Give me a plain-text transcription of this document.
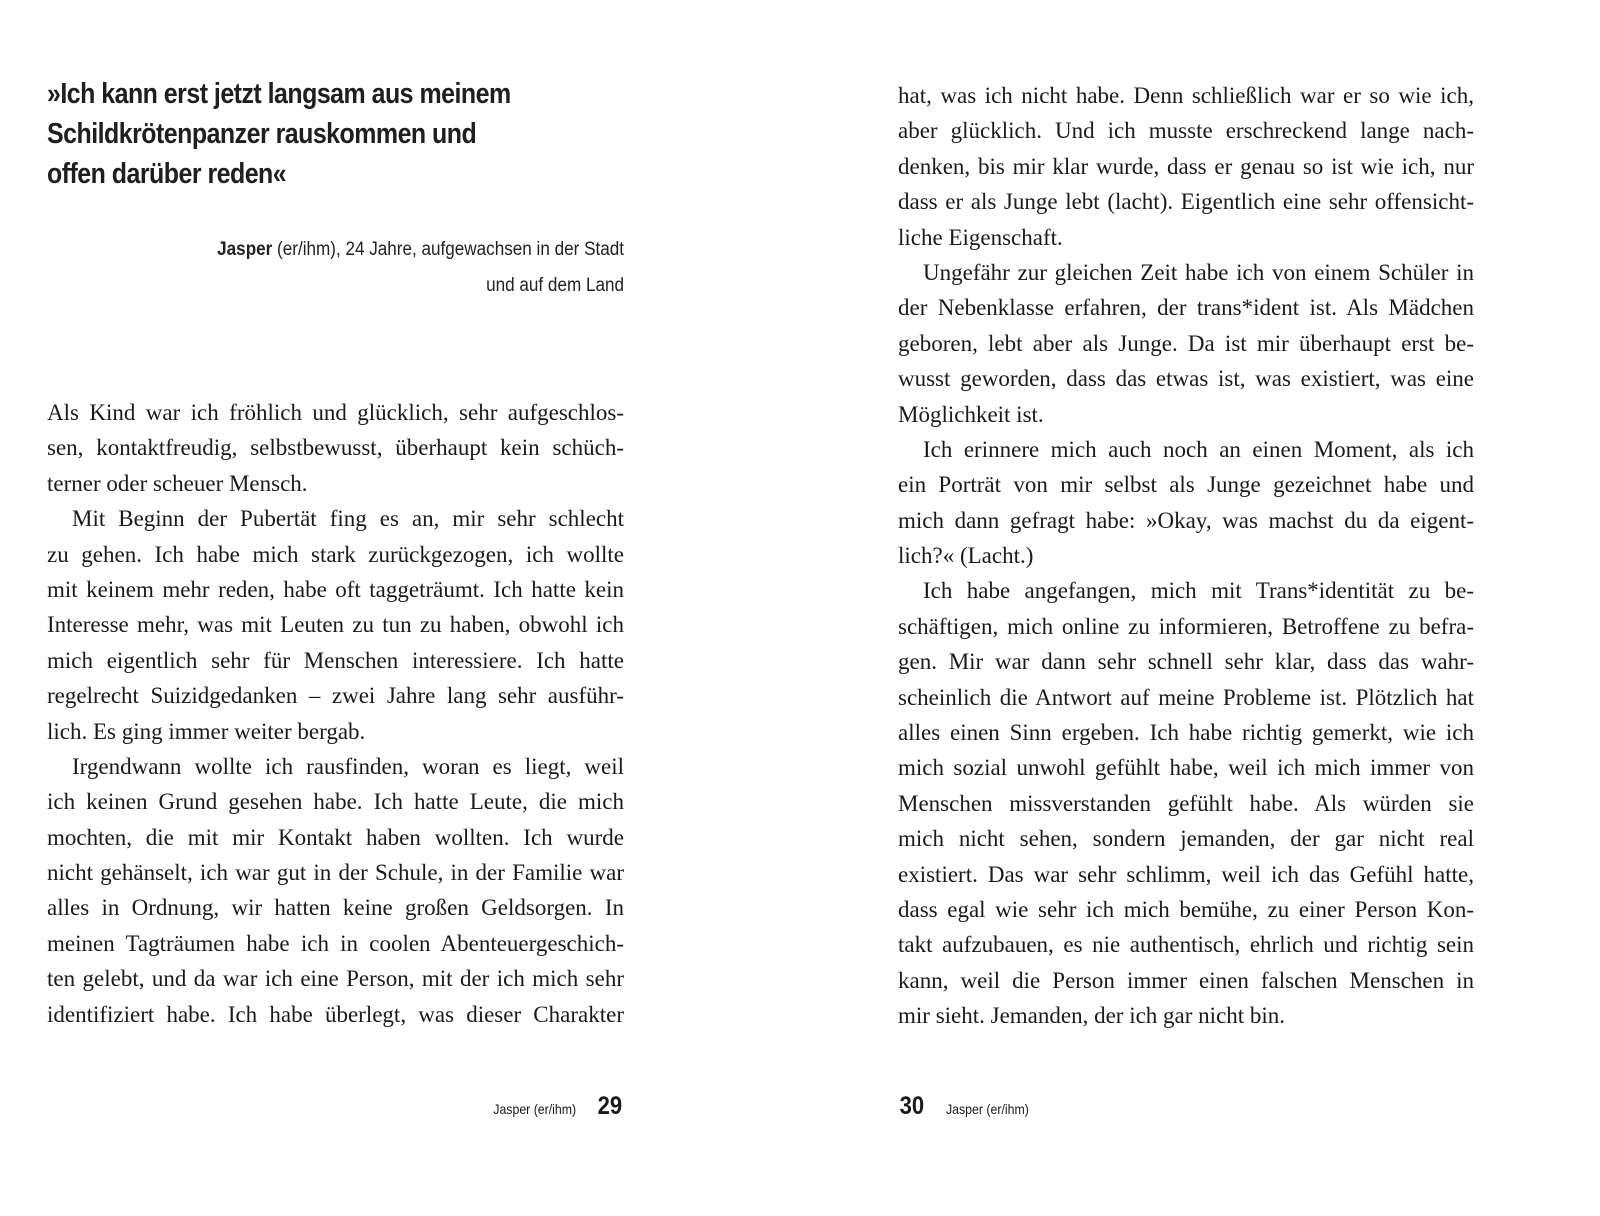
»Ich kann erst jetzt langsam aus meinem
Schildkrötenpanzer rauskommen und
offen darüber reden«
Jasper (er/ihm), 24 Jahre, aufgewachsen in der Stadt
und auf dem Land
Als Kind war ich fröhlich und glücklich, sehr aufgeschlos-
sen, kontaktfreudig, selbstbewusst, überhaupt kein schüch-
terner oder scheuer Mensch.
Mit Beginn der Pubertät fing es an, mir sehr schlecht
zu gehen. Ich habe mich stark zurückgezogen, ich wollte
mit keinem mehr reden, habe oft taggeträumt. Ich hatte kein
Interesse mehr, was mit Leuten zu tun zu haben, obwohl ich
mich eigentlich sehr für Menschen interessiere. Ich hatte
regelrecht Suizidgedanken – zwei Jahre lang sehr ausführ-
lich. Es ging immer weiter bergab.
Irgendwann wollte ich rausfinden, woran es liegt, weil
ich keinen Grund gesehen habe. Ich hatte Leute, die mich
mochten, die mit mir Kontakt haben wollten. Ich wurde
nicht gehänselt, ich war gut in der Schule, in der Familie war
alles in Ordnung, wir hatten keine großen Geldsorgen. In
meinen Tagträumen habe ich in coolen Abenteuergeschich-
ten gelebt, und da war ich eine Person, mit der ich mich sehr
identifiziert habe. Ich habe überlegt, was dieser Charakter
Jasper (er/ihm) 29
hat, was ich nicht habe. Denn schließlich war er so wie ich,
aber glücklich. Und ich musste erschreckend lange nach-
denken, bis mir klar wurde, dass er genau so ist wie ich, nur
dass er als Junge lebt (lacht). Eigentlich eine sehr offensicht-
liche Eigenschaft.
Ungefähr zur gleichen Zeit habe ich von einem Schüler in
der Nebenklasse erfahren, der trans*ident ist. Als Mädchen
geboren, lebt aber als Junge. Da ist mir überhaupt erst be-
wusst geworden, dass das etwas ist, was existiert, was eine
Möglichkeit ist.
Ich erinnere mich auch noch an einen Moment, als ich
ein Porträt von mir selbst als Junge gezeichnet habe und
mich dann gefragt habe: »Okay, was machst du da eigent-
lich?« (Lacht.)
Ich habe angefangen, mich mit Trans*identität zu be-
schäftigen, mich online zu informieren, Betroffene zu befra-
gen. Mir war dann sehr schnell sehr klar, dass das wahr-
scheinlich die Antwort auf meine Probleme ist. Plötzlich hat
alles einen Sinn ergeben. Ich habe richtig gemerkt, wie ich
mich sozial unwohl gefühlt habe, weil ich mich immer von
Menschen missverstanden gefühlt habe. Als würden sie
mich nicht sehen, sondern jemanden, der gar nicht real
existiert. Das war sehr schlimm, weil ich das Gefühl hatte,
dass egal wie sehr ich mich bemühe, zu einer Person Kon-
takt aufzubauen, es nie authentisch, ehrlich und richtig sein
kann, weil die Person immer einen falschen Menschen in
mir sieht. Jemanden, der ich gar nicht bin.
30 Jasper (er/ihm)
